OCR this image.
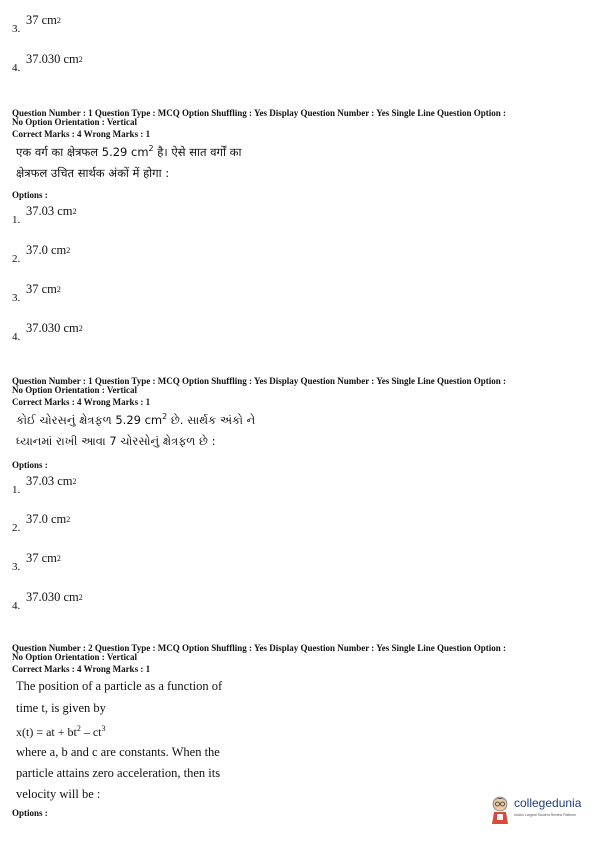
3.37 $cm^2$
4.37.030 $cm^2$
Question Number : 1 Question Type : MCQ Option Shuffling : Yes Display Question Number : Yes Single Line Question Option :
No Option Orientation : Vertical
Correct Marks : 4 Wrong Marks : 1
एक वर्ग का क्षेत्रफल 5.29 $cm^2$ है। ऐसे सात वर्गों का
क्षेत्रफल उचित सार्थक अंकों में होगा :
Options :
1.37.03 $cm^2$
2.37.0 $cm^2$
3.37 $cm^2$
4.37.030 $cm^2$
Question Number : 1 Question Type : MCQ Option Shuffling : Yes Display Question Number : Yes Single Line Question Option :
No Option Orientation : Vertical
Correct Marks : 4 Wrong Marks : 1
કોઈ ચોરસનું ક્ષેત્રફળ 5.29 $cm^2$ છે. સાર્થક અંકો ને
ધ્યાનમાં રાખી આવા 7 ચોરસોનું ક્ષેત્રફળ છે :
Options :
1.37.03 $cm^2$
2.37.0 $cm^2$
3.37 $cm^2$
4.37.030 $cm^2$
Question Number : 2 Question Type : MCQ Option Shuffling : Yes Display Question Number : Yes Single Line Question Option :
No Option Orientation : Vertical
Correct Marks : 4 Wrong Marks : 1
The position of a particle as a function of
time t, is given by
x(t) = at + $bt^2 - ct^3$
where a, b and c are constants. When the
particle attains zero acceleration, then its
velocity will be :
Options :
collegedunia
India's Largest Student Review Platform
